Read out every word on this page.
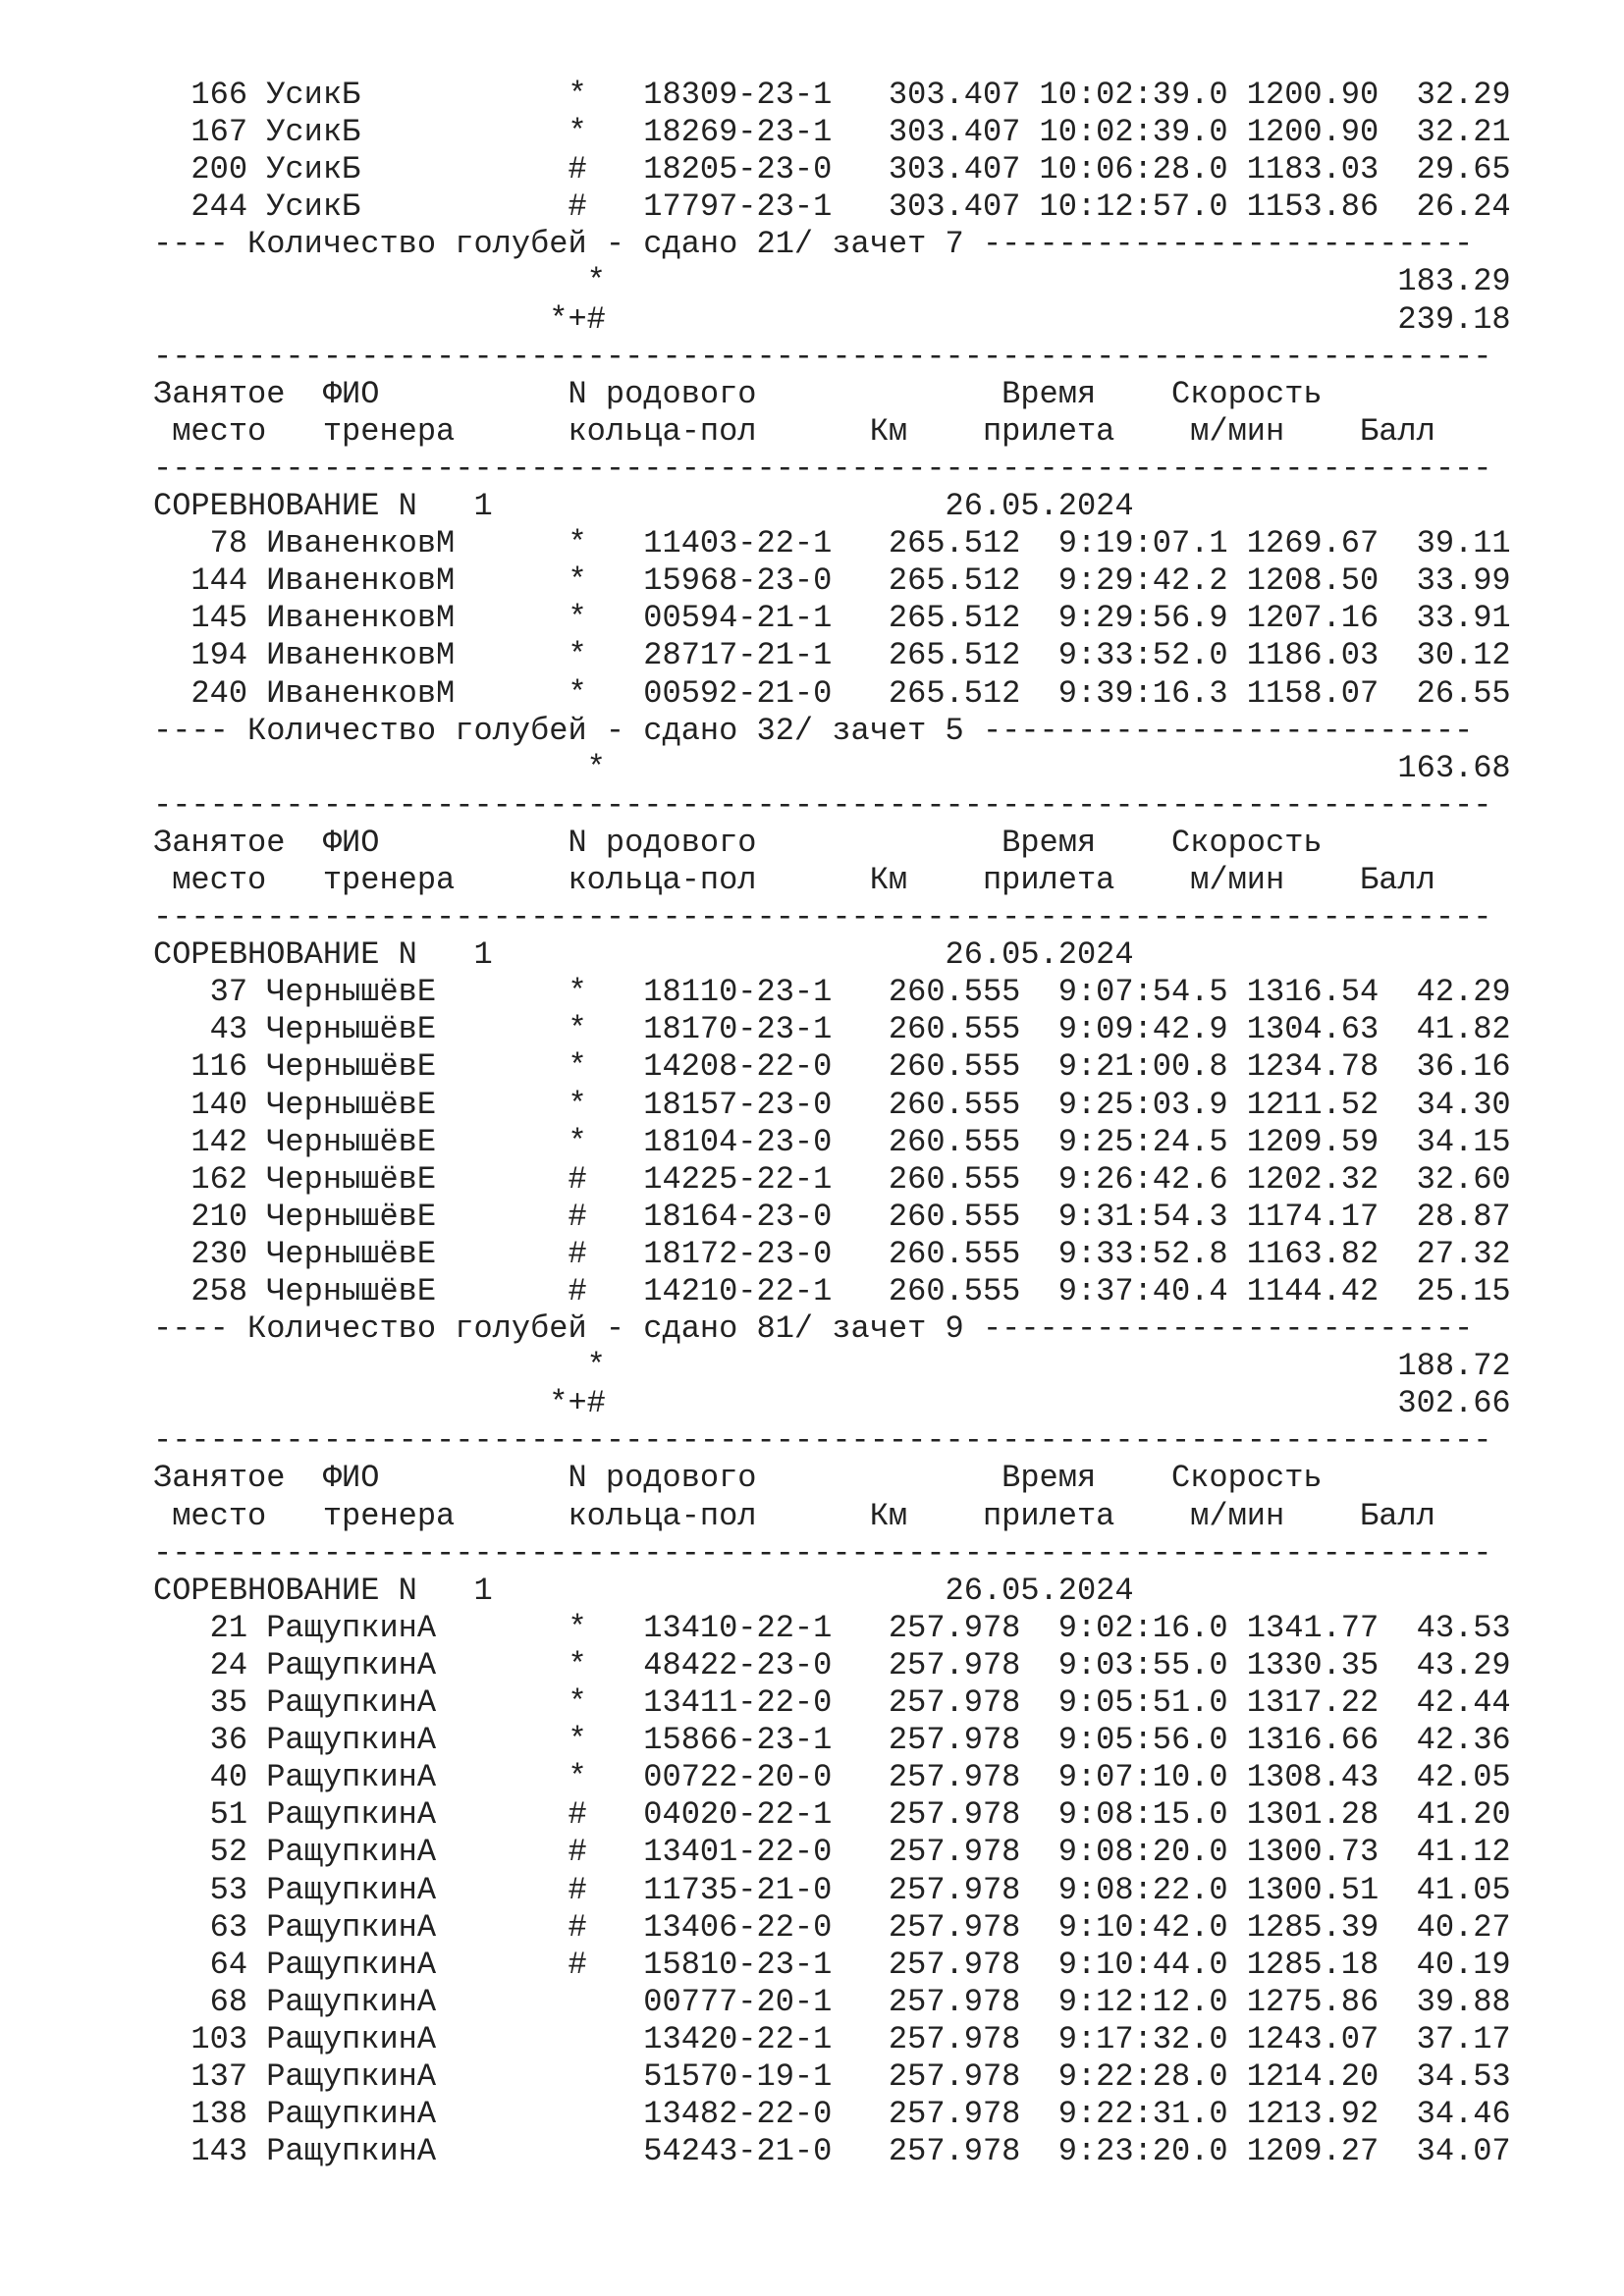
166 УсикБ           *   18309-23-1   303.407 10:02:39.0 1200.90  32.29
167 УсикБ           *   18269-23-1   303.407 10:02:39.0 1200.90  32.21
200 УсикБ           #   18205-23-0   303.407 10:06:28.0 1183.03  29.65
244 УсикБ           #   17797-23-1   303.407 10:12:57.0 1153.86  26.24
---- Количество голубей - сдано 21/ зачет 7 --------------------------
*                                          183.29
*+#                                          239.18
-----------------------------------------------------------------------
Занятое  ФИО          N родового             Время    Скорость
место   тренера      кольца-пол      Км    прилета    м/мин    Балл
-----------------------------------------------------------------------
СОРЕВНОВАНИЕ N   1                        26.05.2024
78 ИваненковМ      *   11403-22-1   265.512  9:19:07.1 1269.67  39.11
144 ИваненковМ      *   15968-23-0   265.512  9:29:42.2 1208.50  33.99
145 ИваненковМ      *   00594-21-1   265.512  9:29:56.9 1207.16  33.91
194 ИваненковМ      *   28717-21-1   265.512  9:33:52.0 1186.03  30.12
240 ИваненковМ      *   00592-21-0   265.512  9:39:16.3 1158.07  26.55
---- Количество голубей - сдано 32/ зачет 5 --------------------------
*                                          163.68
-----------------------------------------------------------------------
Занятое  ФИО          N родового             Время    Скорость
место   тренера      кольца-пол      Км    прилета    м/мин    Балл
-----------------------------------------------------------------------
СОРЕВНОВАНИЕ N   1                        26.05.2024
37 ЧернышёвЕ       *   18110-23-1   260.555  9:07:54.5 1316.54  42.29
43 ЧернышёвЕ       *   18170-23-1   260.555  9:09:42.9 1304.63  41.82
116 ЧернышёвЕ       *   14208-22-0   260.555  9:21:00.8 1234.78  36.16
140 ЧернышёвЕ       *   18157-23-0   260.555  9:25:03.9 1211.52  34.30
142 ЧернышёвЕ       *   18104-23-0   260.555  9:25:24.5 1209.59  34.15
162 ЧернышёвЕ       #   14225-22-1   260.555  9:26:42.6 1202.32  32.60
210 ЧернышёвЕ       #   18164-23-0   260.555  9:31:54.3 1174.17  28.87
230 ЧернышёвЕ       #   18172-23-0   260.555  9:33:52.8 1163.82  27.32
258 ЧернышёвЕ       #   14210-22-1   260.555  9:37:40.4 1144.42  25.15
---- Количество голубей - сдано 81/ зачет 9 --------------------------
*                                          188.72
*+#                                          302.66
-----------------------------------------------------------------------
Занятое  ФИО          N родового             Время    Скорость
место   тренера      кольца-пол      Км    прилета    м/мин    Балл
-----------------------------------------------------------------------
СОРЕВНОВАНИЕ N   1                        26.05.2024
21 РащупкинА       *   13410-22-1   257.978  9:02:16.0 1341.77  43.53
24 РащупкинА       *   48422-23-0   257.978  9:03:55.0 1330.35  43.29
35 РащупкинА       *   13411-22-0   257.978  9:05:51.0 1317.22  42.44
36 РащупкинА       *   15866-23-1   257.978  9:05:56.0 1316.66  42.36
40 РащупкинА       *   00722-20-0   257.978  9:07:10.0 1308.43  42.05
51 РащупкинА       #   04020-22-1   257.978  9:08:15.0 1301.28  41.20
52 РащупкинА       #   13401-22-0   257.978  9:08:20.0 1300.73  41.12
53 РащупкинА       #   11735-21-0   257.978  9:08:22.0 1300.51  41.05
63 РащупкинА       #   13406-22-0   257.978  9:10:42.0 1285.39  40.27
64 РащупкинА       #   15810-23-1   257.978  9:10:44.0 1285.18  40.19
68 РащупкинА           00777-20-1   257.978  9:12:12.0 1275.86  39.88
103 РащупкинА           13420-22-1   257.978  9:17:32.0 1243.07  37.17
137 РащупкинА           51570-19-1   257.978  9:22:28.0 1214.20  34.53
138 РащупкинА           13482-22-0   257.978  9:22:31.0 1213.92  34.46
143 РащупкинА           54243-21-0   257.978  9:23:20.0 1209.27  34.07
